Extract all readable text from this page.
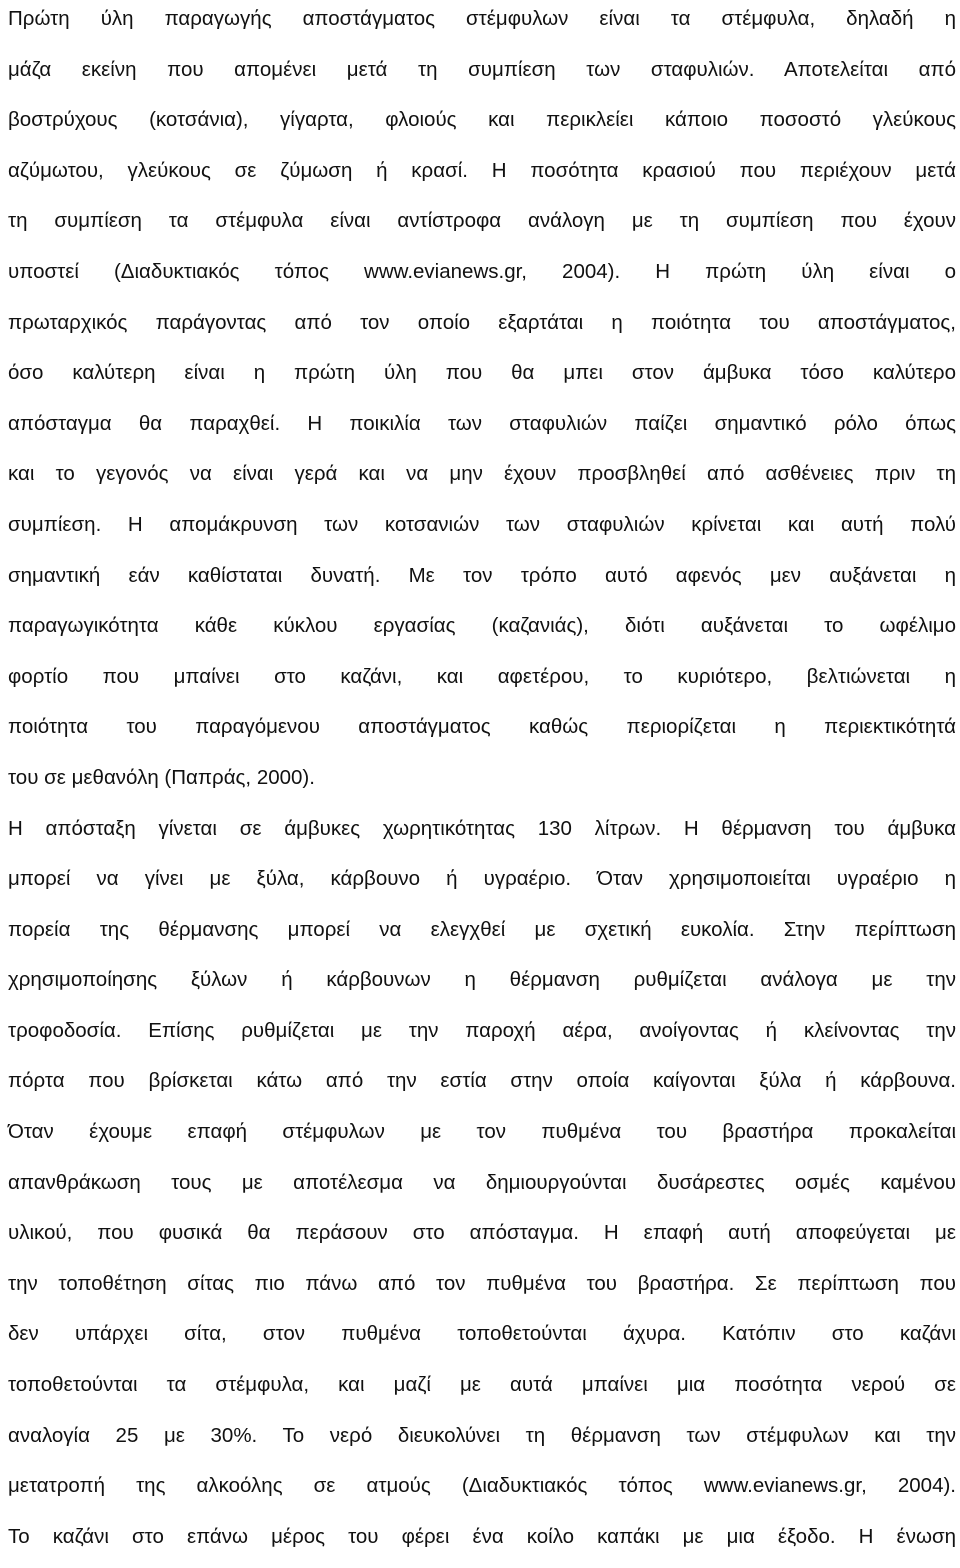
Πρώτη ύλη παραγωγής αποστάγματος στέμφυλων είναι τα στέμφυλα, δηλαδή η
μάζα εκείνη που απομένει μετά τη συμπίεση των σταφυλιών. Αποτελείται από
βοστρύχους (κοτσάνια), γίγαρτα, φλοιούς και περικλείει κάποιο ποσοστό γλεύκους
αζύμωτου, γλεύκους σε ζύμωση ή κρασί. Η ποσότητα κρασιού που περιέχουν μετά
τη συμπίεση τα στέμφυλα είναι αντίστροφα ανάλογη με τη συμπίεση που έχουν
υποστεί (Διαδυκτιακός τόπος www.evianews.gr, 2004). Η πρώτη ύλη είναι ο
πρωταρχικός παράγοντας από τον οποίο εξαρτάται η ποιότητα του αποστάγματος,
όσο καλύτερη είναι η πρώτη ύλη που θα μπει στον άμβυκα τόσο καλύτερο
απόσταγμα θα παραχθεί. Η ποικιλία των σταφυλιών παίζει σημαντικό ρόλο όπως
και το γεγονός να είναι γερά και να μην έχουν προσβληθεί από ασθένειες πριν τη
συμπίεση. Η απομάκρυνση των κοτσανιών των σταφυλιών κρίνεται και αυτή πολύ
σημαντική εάν καθίσταται δυνατή. Με τον τρόπο αυτό αφενός μεν αυξάνεται η
παραγωγικότητα κάθε κύκλου εργασίας (καζανιάς), διότι αυξάνεται το ωφέλιμο
φορτίο που μπαίνει στο καζάνι, και αφετέρου, το κυριότερο, βελτιώνεται η
ποιότητα του παραγόμενου αποστάγματος καθώς περιορίζεται η περιεκτικότητά
του σε μεθανόλη (Παπράς, 2000).
Η απόσταξη γίνεται σε άμβυκες χωρητικότητας 130 λίτρων. Η θέρμανση του άμβυκα
μπορεί να γίνει με ξύλα, κάρβουνο ή υγραέριο. Όταν χρησιμοποιείται υγραέριο η
πορεία της θέρμανσης μπορεί να ελεγχθεί με σχετική ευκολία. Στην περίπτωση
χρησιμοποίησης ξύλων ή κάρβουνων η θέρμανση ρυθμίζεται ανάλογα με την
τροφοδοσία. Επίσης ρυθμίζεται με την παροχή αέρα, ανοίγοντας ή κλείνοντας την
πόρτα που βρίσκεται κάτω από την εστία στην οποία καίγονται ξύλα ή κάρβουνα.
Όταν έχουμε επαφή στέμφυλων με τον πυθμένα του βραστήρα προκαλείται
απανθράκωση τους με αποτέλεσμα να δημιουργούνται δυσάρεστες οσμές καμένου
υλικού, που φυσικά θα περάσουν στο απόσταγμα. Η επαφή αυτή αποφεύγεται με
την τοποθέτηση σίτας πιο πάνω από τον πυθμένα του βραστήρα. Σε περίπτωση που
δεν υπάρχει σίτα, στον πυθμένα τοποθετούνται άχυρα. Κατόπιν στο καζάνι
τοποθετούνται τα στέμφυλα, και μαζί με αυτά μπαίνει μια ποσότητα νερού σε
αναλογία 25 με 30%. Το νερό διευκολύνει τη θέρμανση των στέμφυλων και την
μετατροπή της αλκοόλης σε ατμούς (Διαδυκτιακός τόπος www.evianews.gr, 2004).
Το καζάνι στο επάνω μέρος του φέρει ένα κοίλο καπάκι με μια έξοδο. Η ένωση
